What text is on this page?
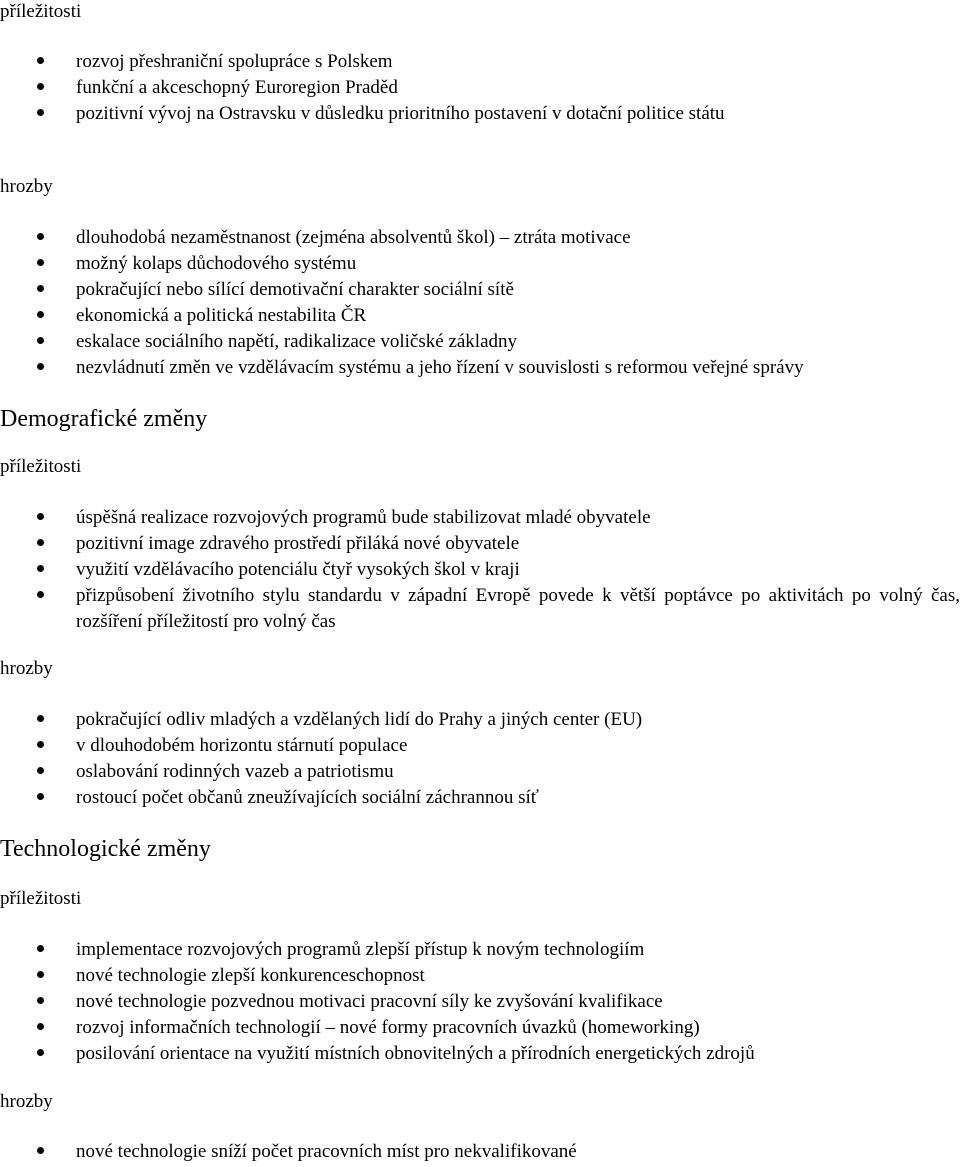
příležitosti
rozvoj přeshraniční spolupráce s Polskem
funkční a akceschopný Euroregion Praděd
pozitivní vývoj na Ostravsku v důsledku prioritního postavení v dotační politice státu
hrozby
dlouhodobá nezaměstnanost (zejména absolventů škol) – ztráta motivace
možný kolaps důchodového systému
pokračující nebo sílící demotivační charakter sociální sítě
ekonomická a politická nestabilita ČR
eskalace sociálního napětí, radikalizace voličské základny
nezvládnutí změn ve vzdělávacím systému a jeho řízení v souvislosti s reformou veřejné správy
Demografické změny
příležitosti
úspěšná realizace rozvojových programů bude stabilizovat mladé obyvatele
pozitivní image zdravého prostředí přiláká nové obyvatele
využití vzdělávacího potenciálu čtyř vysokých škol v kraji
přizpůsobení životního stylu standardu v západní Evropě povede k větší poptávce po aktivitách po volný čas, rozšíření příležitostí pro volný čas
hrozby
pokračující odliv mladých a vzdělaných lidí do Prahy a jiných center (EU)
v dlouhodobém horizontu stárnutí populace
oslabování rodinných vazeb a patriotismu
rostoucí počet občanů zneužívajících sociální záchrannou síť
Technologické změny
příležitosti
implementace rozvojových programů zlepší přístup k novým technologiím
nové technologie zlepší konkurenceschopnost
nové technologie pozvednou motivaci pracovní síly ke zvyšování kvalifikace
rozvoj informačních technologií – nové formy pracovních úvazků (homeworking)
posilování orientace na využití místních obnovitelných a přírodních energetických zdrojů
hrozby
nové technologie sníží počet pracovních míst pro nekvalifikované
